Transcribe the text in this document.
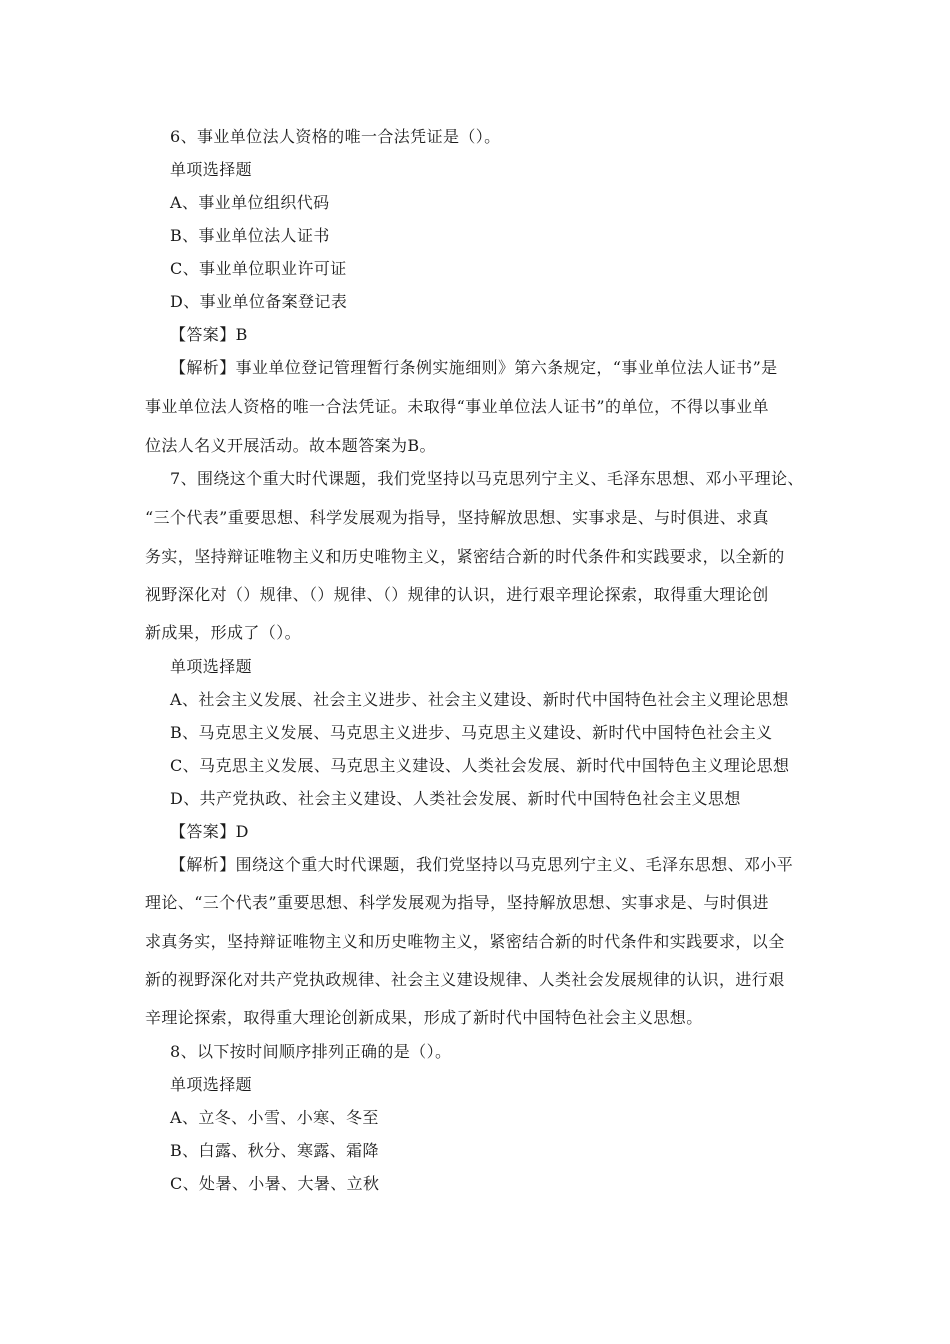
6、事业单位法人资格的唯一合法凭证是（）。
单项选择题
A、事业单位组织代码
B、事业单位法人证书
C、事业单位职业许可证
D、事业单位备案登记表
【答案】B
【解析】事业单位登记管理暂行条例实施细则》第六条规定，“事业单位法人证书”是
事业单位法人资格的唯一合法凭证。未取得“事业单位法人证书”的单位，不得以事业单
位法人名义开展活动。故本题答案为B。
7、围绕这个重大时代课题，我们党坚持以马克思列宁主义、毛泽东思想、邓小平理论、
“三个代表”重要思想、科学发展观为指导，坚持解放思想、实事求是、与时俱进、求真
务实，坚持辩证唯物主义和历史唯物主义，紧密结合新的时代条件和实践要求，以全新的
视野深化对（）规律、（）规律、（）规律的认识，进行艰辛理论探索，取得重大理论创
新成果，形成了（）。
单项选择题
A、社会主义发展、社会主义进步、社会主义建设、新时代中国特色社会主义理论思想
B、马克思主义发展、马克思主义进步、马克思主义建设、新时代中国特色社会主义
C、马克思主义发展、马克思主义建设、人类社会发展、新时代中国特色主义理论思想
D、共产党执政、社会主义建设、人类社会发展、新时代中国特色社会主义思想
【答案】D
【解析】围绕这个重大时代课题，我们党坚持以马克思列宁主义、毛泽东思想、邓小平
理论、“三个代表”重要思想、科学发展观为指导，坚持解放思想、实事求是、与时俱进
求真务实，坚持辩证唯物主义和历史唯物主义，紧密结合新的时代条件和实践要求，以全
新的视野深化对共产党执政规律、社会主义建设规律、人类社会发展规律的认识，进行艰
辛理论探索，取得重大理论创新成果，形成了新时代中国特色社会主义思想。
8、以下按时间顺序排列正确的是（）。
单项选择题
A、立冬、小雪、小寒、冬至
B、白露、秋分、寒露、霜降
C、处暑、小暑、大暑、立秋
